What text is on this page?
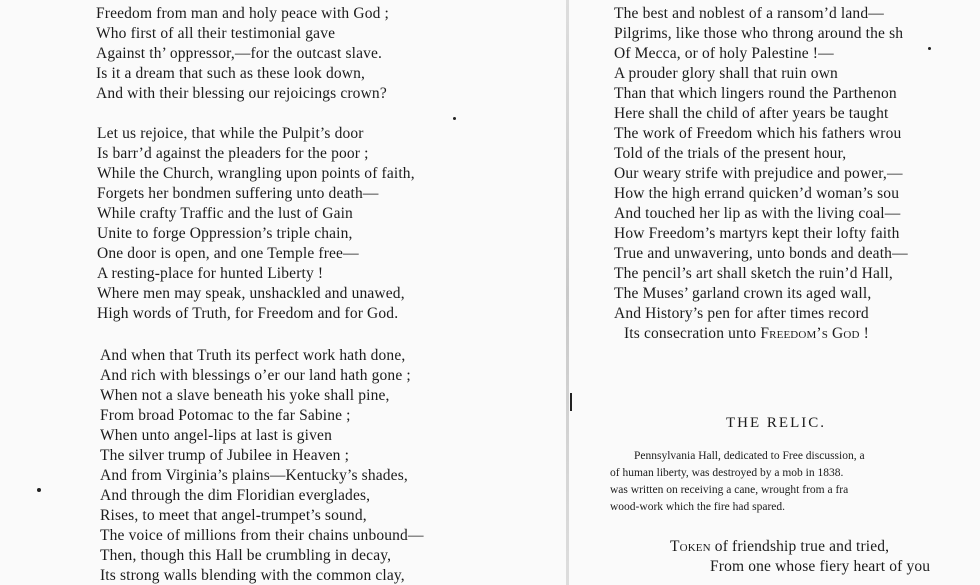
Freedom from man and holy peace with God ;
Who first of all their testimonial gave
Against th’ oppressor,—for the outcast slave.
Is it a dream that such as these look down,
And with their blessing our rejoicings crown?
Let us rejoice, that while the Pulpit’s door
Is barr’d against the pleaders for the poor ;
While the Church, wrangling upon points of faith,
Forgets her bondmen suffering unto death—
While crafty Traffic and the lust of Gain
Unite to forge Oppression’s triple chain,
One door is open, and one Temple free—
A resting-place for hunted Liberty !
Where men may speak, unshackled and unawed,
High words of Truth, for Freedom and for God.
And when that Truth its perfect work hath done,
And rich with blessings o’er our land hath gone ;
When not a slave beneath his yoke shall pine,
From broad Potomac to the far Sabine ;
When unto angel-lips at last is given
The silver trump of Jubilee in Heaven ;
And from Virginia’s plains—Kentucky’s shades,
And through the dim Floridian everglades,
Rises, to meet that angel-trumpet’s sound,
The voice of millions from their chains unbound—
Then, though this Hall be crumbling in decay,
Its strong walls blending with the common clay,
The best and noblest of a ransom’d land—
Pilgrims, like those who throng around the sh
Of Mecca, or of holy Palestine !—
A prouder glory shall that ruin own
Than that which lingers round the Parthenon
Here shall the child of after years be taught
The work of Freedom which his fathers wrou
Told of the trials of the present hour,
Our weary strife with prejudice and power,—
How the high errand quicken’d woman’s sou
And touched her lip as with the living coal—
How Freedom’s martyrs kept their lofty faith
True and unwavering, unto bonds and death—
The pencil’s art shall sketch the ruin’d Hall,
The Muses’ garland crown its aged wall,
And History’s pen for after times record
Its consecration unto Freedom’s God !
THE RELIC.
Pennsylvania Hall, dedicated to Free discussion, a
of human liberty, was destroyed by a mob in 1838.
was written on receiving a cane, wrought from a fra
wood-work which the fire had spared.
Token of friendship true and tried,
From one whose fiery heart of you
